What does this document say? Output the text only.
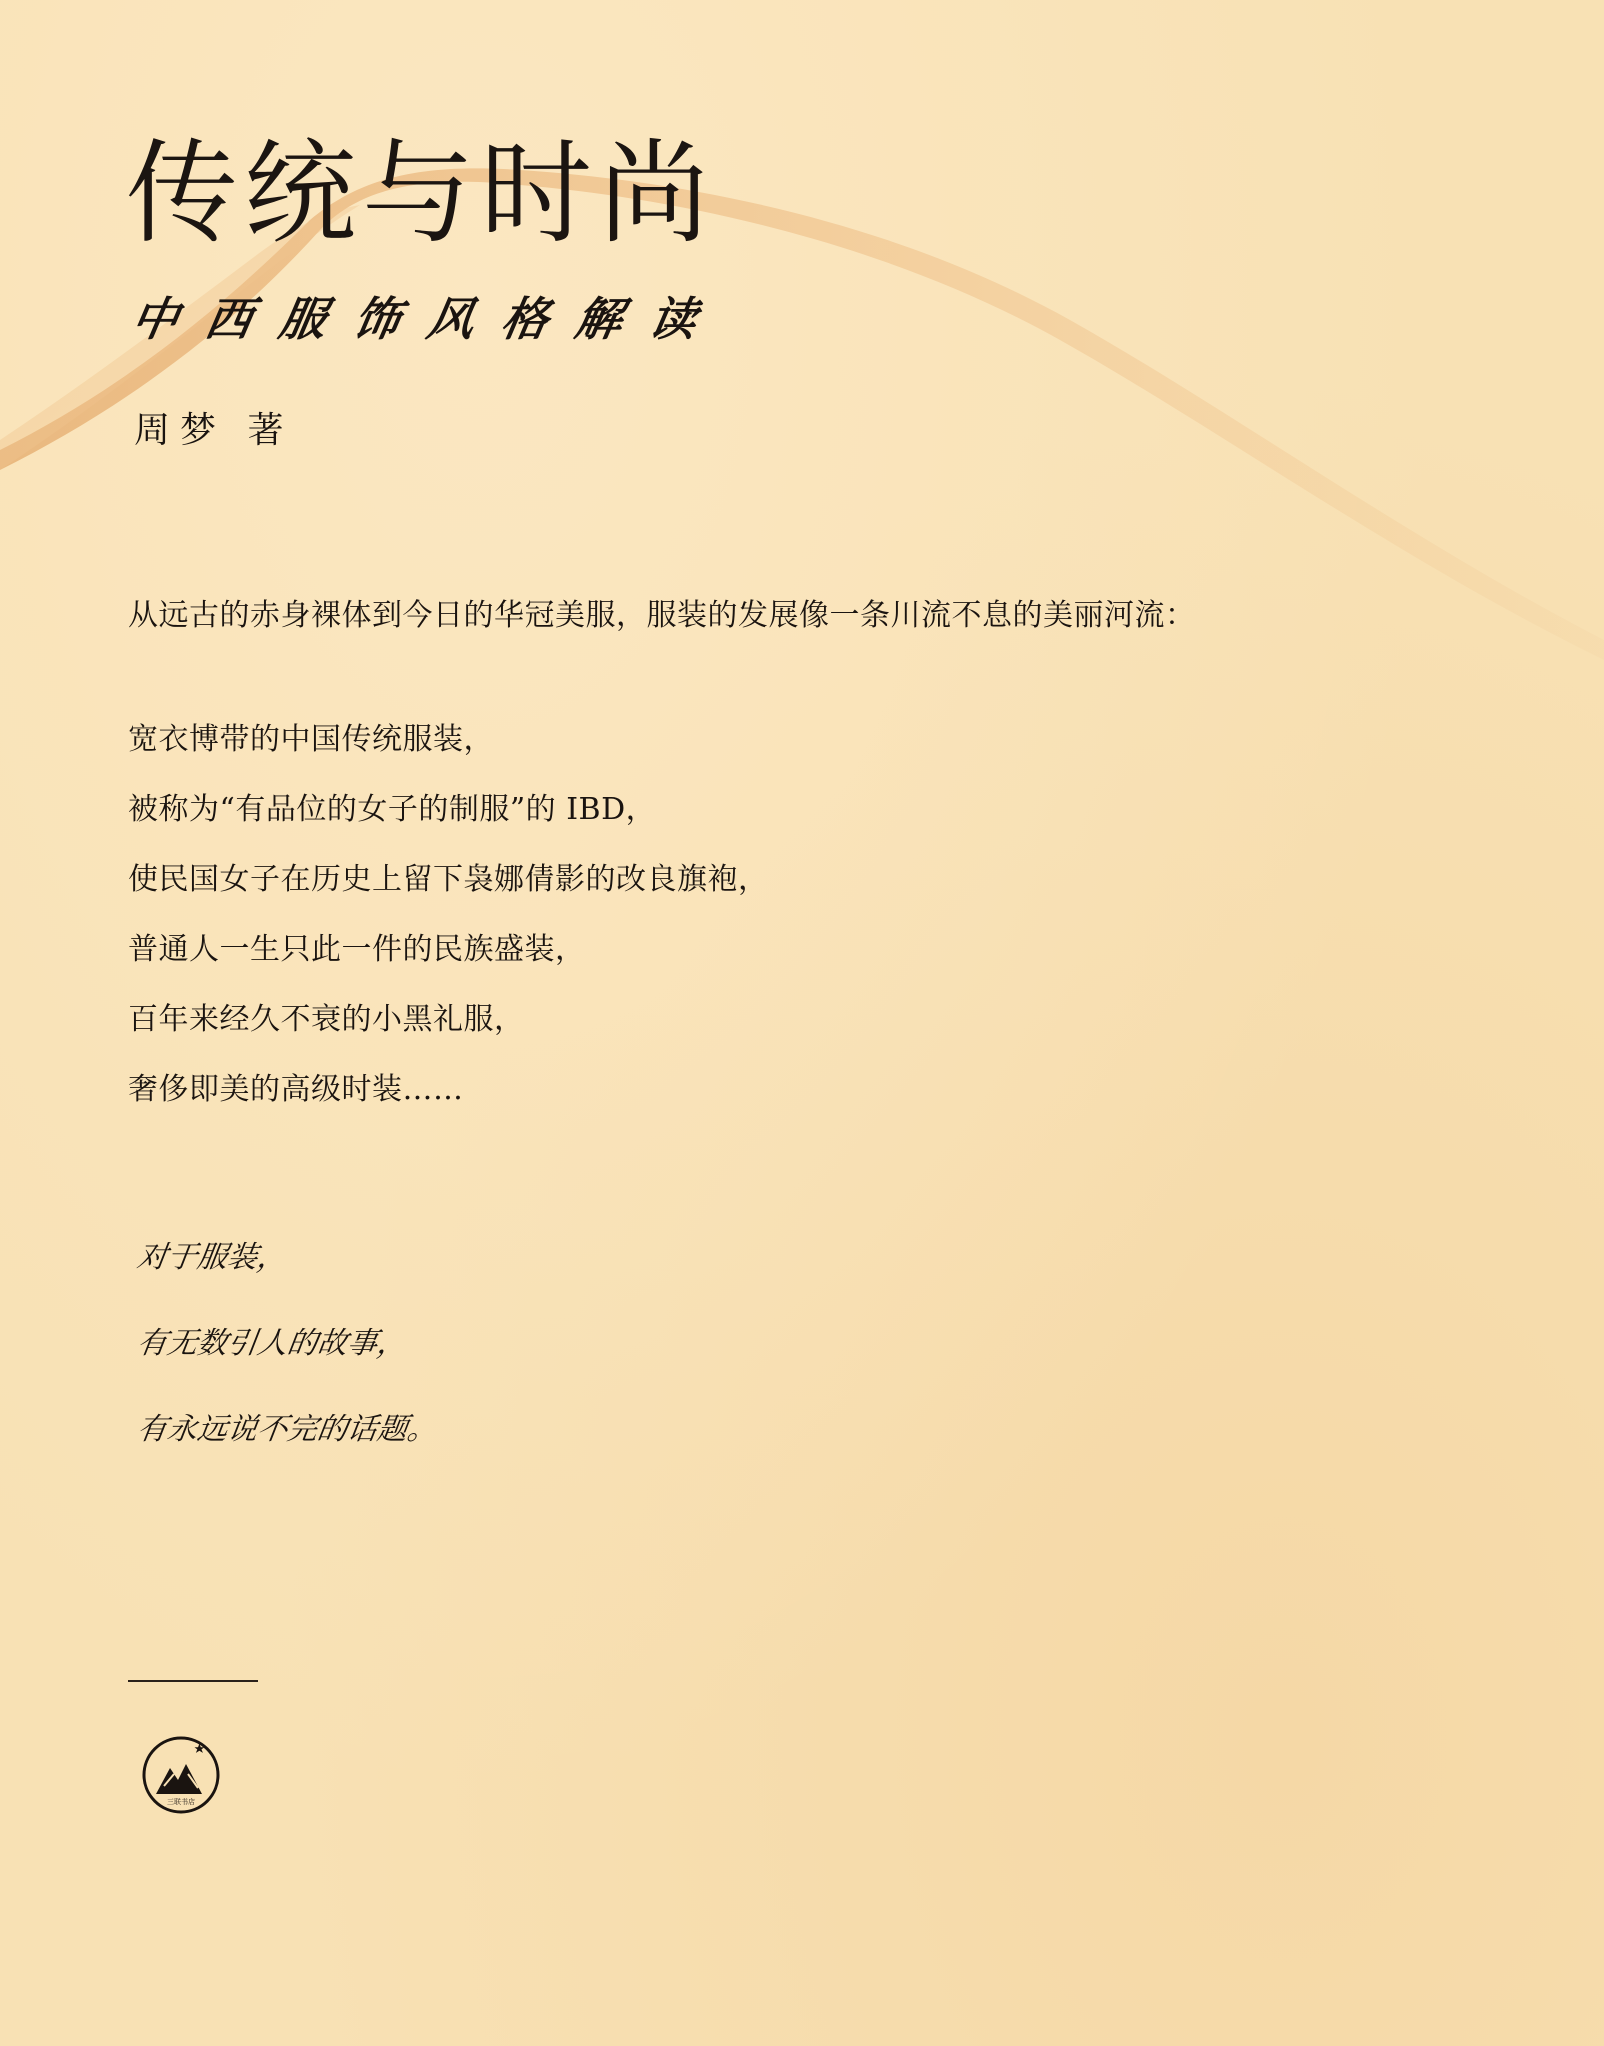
传统与时尚
中西服饰风格解读
周梦 著
从远古的赤身裸体到今日的华冠美服，服装的发展像一条川流不息的美丽河流：
宽衣博带的中国传统服装，
被称为“有品位的女子的制服”的 IBD，
使民国女子在历史上留下袅娜倩影的改良旗袍，
普通人一生只此一件的民族盛装，
百年来经久不衰的小黑礼服，
奢侈即美的高级时装……
对于服装，
有无数引人的故事，
有永远说不完的话题。
三联书店
